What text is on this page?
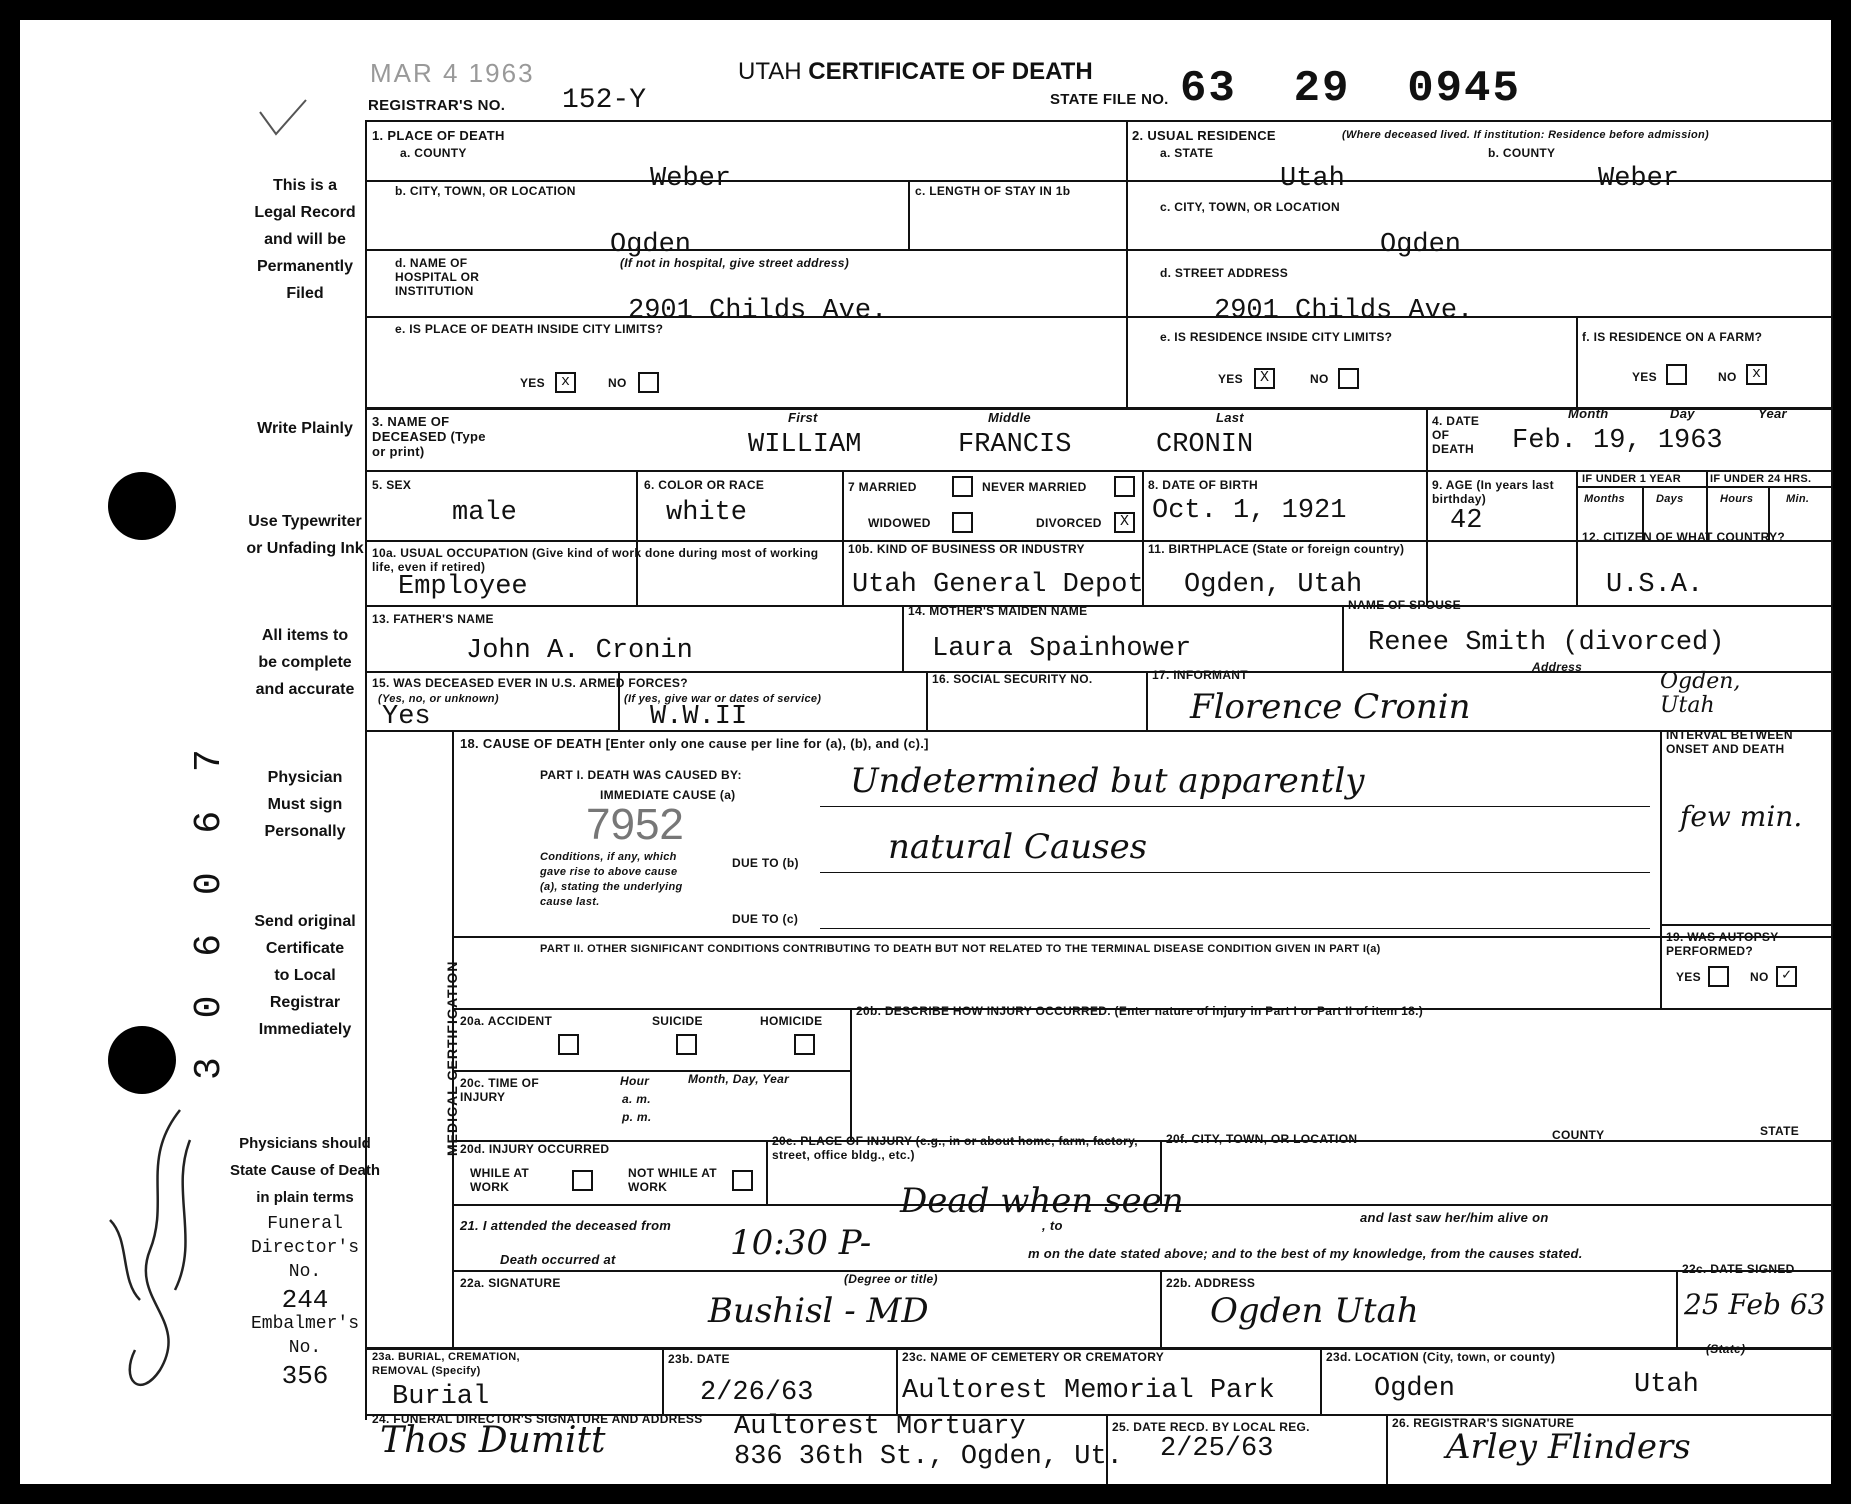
MAR 4 1963
REGISTRAR'S NO. 152-Y
UTAH CERTIFICATE OF DEATH
STATE FILE NO. 63  29  0945
This is a
Legal Record
and will be
Permanently
Filed
Write Plainly
Use Typewriter
or Unfading Ink
All items to
be complete
and accurate
Physician
Must sign
Personally
Send original
Certificate
to Local
Registrar
Immediately
Physicians should
State Cause of Death
in plain terms
Funeral
Director's No.
244
Embalmer's No.
356
3 0 6 0 6 7
1. PLACE OF DEATH
a. COUNTY
Weber
b. CITY, TOWN, OR LOCATION
Ogden
c. LENGTH OF STAY IN 1b
d. NAME OF HOSPITAL OR INSTITUTION
(If not in hospital, give street address)
2901 Childs Ave.
e. IS PLACE OF DEATH INSIDE CITY LIMITS?
YES	x	NO
2. USUAL RESIDENCE	(Where deceased lived. If institution: Residence before admission)
a. STATE
Utah
b. COUNTY
Weber
c. CITY, TOWN, OR LOCATION
Ogden
d. STREET ADDRESS
2901 Childs Ave.
e. IS RESIDENCE INSIDE CITY LIMITS?
YES	X	NO
f. IS RESIDENCE ON A FARM?
YES	NO	x
3. NAME OF DECEASED (Type or print)
First	Middle	Last
WILLIAM	FRANCIS	CRONIN
4. DATE OF DEATH
Month	Day	Year
Feb. 19, 1963
5. SEX
male
6. COLOR OR RACE
white
7 MARRIED	NEVER MARRIED
WIDOWED	DIVORCED	X
8. DATE OF BIRTH
Oct. 1, 1921
9. AGE (In years last birthday)
42
IF UNDER 1 YEAR	IF UNDER 24 HRS.
Months	Days	Hours	Min.
10a. USUAL OCCUPATION (Give kind of work done during most of working life, even if retired)
Employee
10b. KIND OF BUSINESS OR INDUSTRY
Utah General Depot
11. BIRTHPLACE (State or foreign country)
Ogden, Utah
12. CITIZEN OF WHAT COUNTRY?
U.S.A.
13. FATHER'S NAME
John A. Cronin
14. MOTHER'S MAIDEN NAME
Laura Spainhower
NAME OF SPOUSE
Renee Smith (divorced)
15. WAS DECEASED EVER IN U.S. ARMED FORCES?
(Yes, no, or unknown)	(If yes, give war or dates of service)
Yes	W.W.II
16. SOCIAL SECURITY NO.	17. INFORMANT
Address
Florence Cronin
Ogden, Utah
MEDICAL CERTIFICATION
18. CAUSE OF DEATH [Enter only one cause per line for (a), (b), and (c).]
INTERVAL BETWEEN ONSET AND DEATH
PART I. DEATH WAS CAUSED BY:
IMMEDIATE CAUSE (a)	Undetermined but apparently
few min.
7952
Conditions, if any, which gave rise to above cause (a), stating the underlying cause last.
DUE TO (b)	natural Causes
DUE TO (c)
PART II. OTHER SIGNIFICANT CONDITIONS CONTRIBUTING TO DEATH BUT NOT RELATED TO THE TERMINAL DISEASE CONDITION GIVEN IN PART I(a)
19. WAS AUTOPSY PERFORMED?
YES	NO ✓
20a. ACCIDENT	SUICIDE	HOMICIDE
20b. DESCRIBE HOW INJURY OCCURRED. (Enter nature of injury in Part I or Part II of item 18.)
20c. TIME OF INJURY
Hour	Month, Day, Year
a. m.
p. m.
20d. INJURY OCCURRED
WHILE AT WORK
NOT WHILE AT WORK
20e. PLACE OF INJURY (e.g., in or about home, farm, factory, street, office bldg., etc.)
20f. CITY, TOWN, OR LOCATION	COUNTY	STATE
21. I attended the deceased from
Dead when seen
, to
and last saw her/him alive on
Death occurred at	10:30 P-	m on the date stated above; and to the best of my knowledge, from the causes stated.
22a. SIGNATURE	(Degree or title)
Bushisl - MD
22b. ADDRESS
Ogden Utah
22c. DATE SIGNED
25 Feb 63
23a. BURIAL, CREMATION, REMOVAL (Specify)
Burial
23b. DATE
2/26/63
23c. NAME OF CEMETERY OR CREMATORY
Aultorest Memorial Park
23d. LOCATION (City, town, or county)
(State)
Ogden	Utah
24. FUNERAL DIRECTOR'S SIGNATURE AND ADDRESS Aultorest Mortuary
836 36th St., Ogden, Ut.
Thos Dumitt	25. DATE RECD. BY LOCAL REG.
2/25/63
26. REGISTRAR'S SIGNATURE
Arley Flinders
